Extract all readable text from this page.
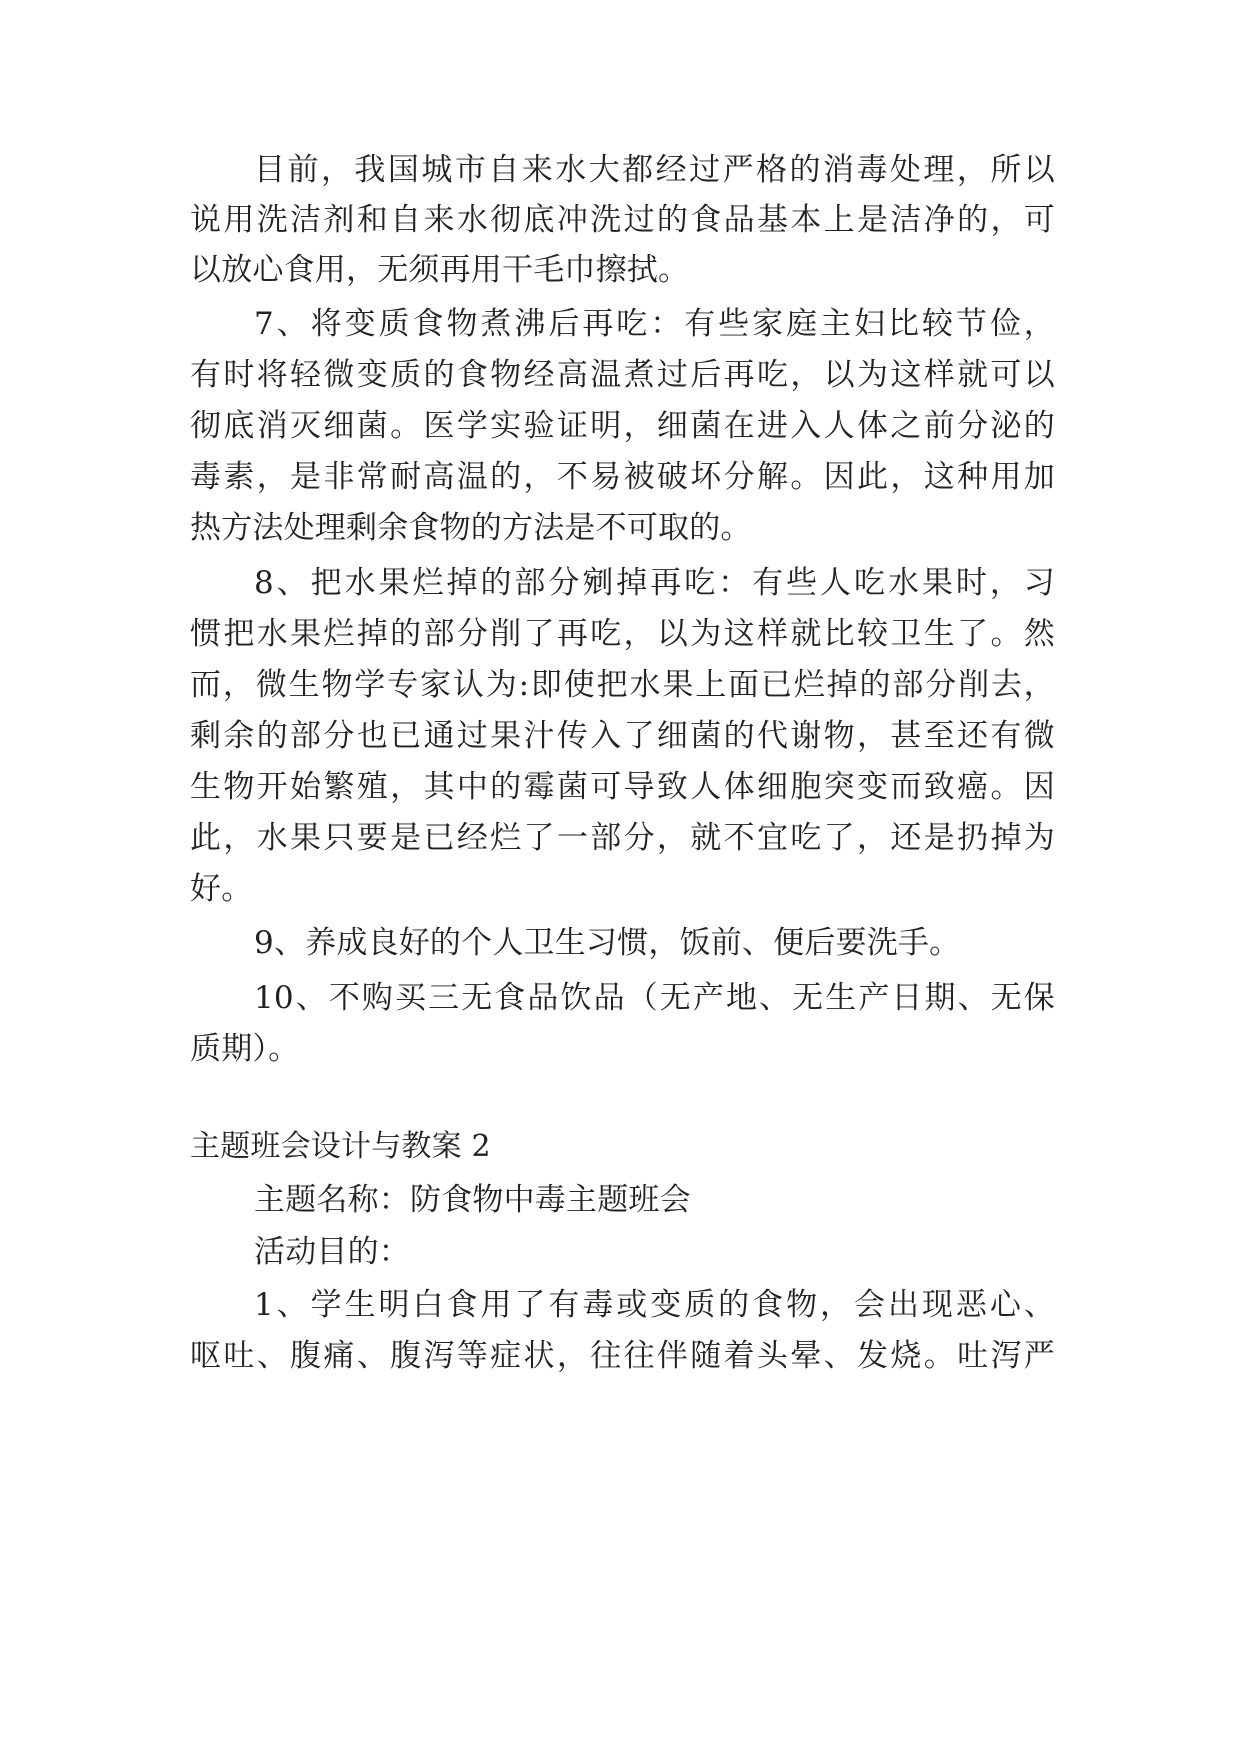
目前，我国城市自来水大都经过严格的消毒处理，所以
说用洗洁剂和自来水彻底冲洗过的食品基本上是洁净的，可
以放心食用，无须再用干毛巾擦拭。
7、将变质食物煮沸后再吃：有些家庭主妇比较节俭，
有时将轻微变质的食物经高温煮过后再吃，以为这样就可以
彻底消灭细菌。医学实验证明，细菌在进入人体之前分泌的
毒素，是非常耐高温的，不易被破坏分解。因此，这种用加
热方法处理剩余食物的方法是不可取的。
8、把水果烂掉的部分剜掉再吃：有些人吃水果时，习
惯把水果烂掉的部分削了再吃，以为这样就比较卫生了。然
而，微生物学专家认为:即使把水果上面已烂掉的部分削去，
剩余的部分也已通过果汁传入了细菌的代谢物，甚至还有微
生物开始繁殖，其中的霉菌可导致人体细胞突变而致癌。因
此，水果只要是已经烂了一部分，就不宜吃了，还是扔掉为
好。
9、养成良好的个人卫生习惯，饭前、便后要洗手。
10、不购买三无食品饮品（无产地、无生产日期、无保
质期）。
主题班会设计与教案 2
主题名称：防食物中毒主题班会
活动目的：
1、学生明白食用了有毒或变质的食物，会出现恶心、
呕吐、腹痛、腹泻等症状，往往伴随着头晕、发烧。吐泻严
